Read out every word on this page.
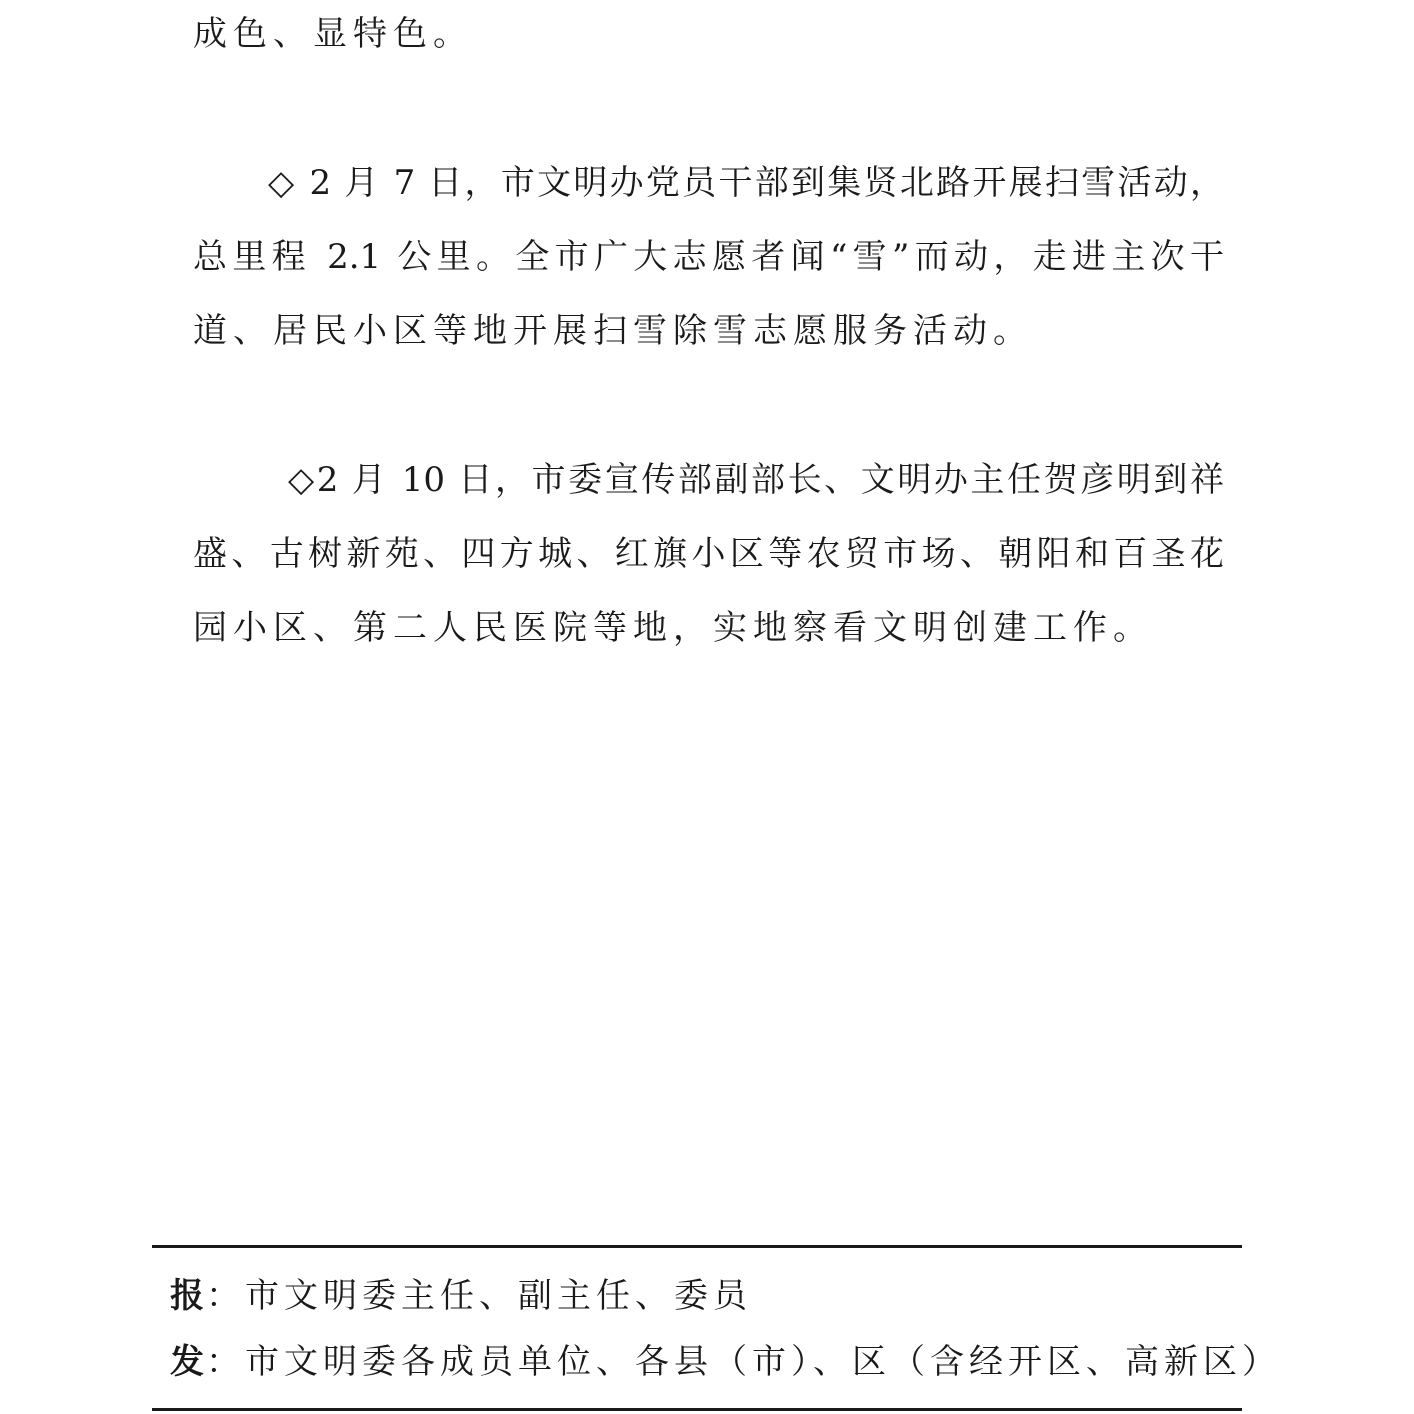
成色、显特色。
◇ 2 月 7 日，市文明办党员干部到集贤北路开展扫雪活动，
总里程 2.1 公里。全市广大志愿者闻“雪”而动，走进主次干
道、居民小区等地开展扫雪除雪志愿服务活动。
◇2 月 10 日，市委宣传部副部长、文明办主任贺彦明到祥
盛、古树新苑、四方城、红旗小区等农贸市场、朝阳和百圣花
园小区、第二人民医院等地，实地察看文明创建工作。
报：市文明委主任、副主任、委员
发：市文明委各成员单位、各县（市）、区（含经开区、高新区）
